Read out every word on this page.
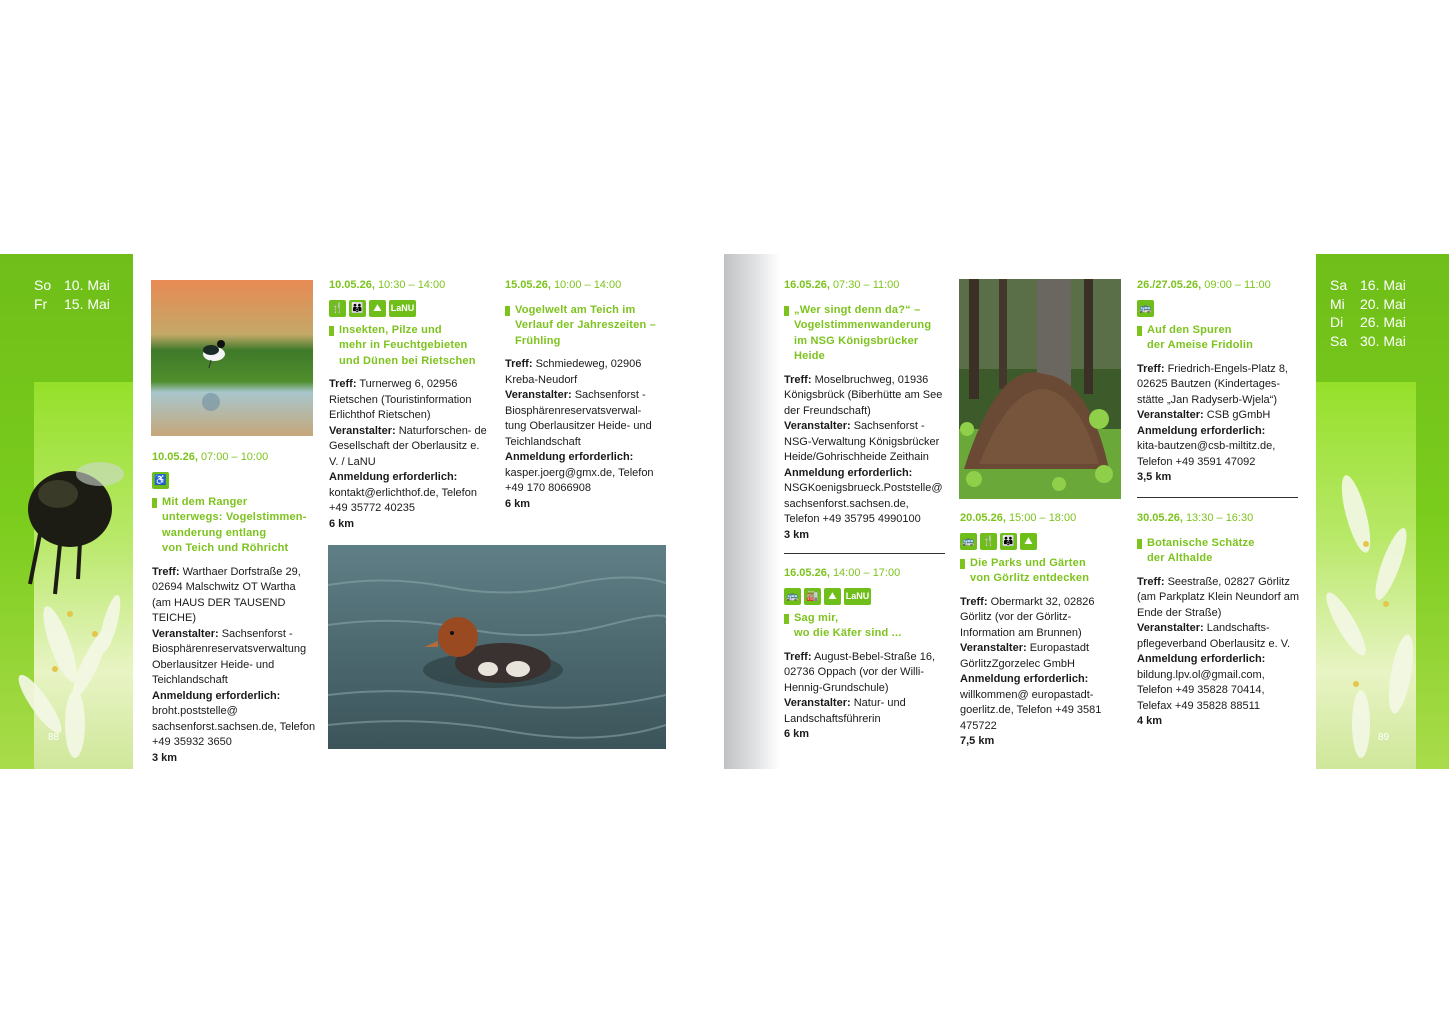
So 10. Mai
Fr	15. Mai
88
10.05.26, 07:00 – 10:00
♿
Mit dem Ranger
unterwegs: Vogelstimmen-
wanderung entlang
von Teich und Röhricht
Treff: Warthaer Dorfstraße 29, 02694 Malschwitz OT Wartha (am HAUS DER TAUSEND TEICHE)
Veranstalter: Sachsenforst - Biosphärenreservatsverwaltung Oberlausitzer Heide- und Teichlandschaft
Anmeldung erforderlich:
broht.poststelle@ sachsenforst.sachsen.de, Telefon +49 35932 3650
3 km
10.05.26, 10:30 – 14:00
🍴 👪 ⛰	LaNU
Insekten, Pilze und
mehr in Feuchtgebieten
und Dünen bei Rietschen
Treff: Turnerweg 6, 02956 Rietschen (Touristinformation Erlichthof Rietschen)
Veranstalter: Naturforschen- de Gesellschaft der Oberlausitz e. V. / LaNU
Anmeldung erforderlich:
kontakt@erlichthof.de, Telefon +49 35772 40235
6 km
15.05.26, 10:00 – 14:00
Vogelwelt am Teich im
Verlauf der Jahreszeiten –
Frühling
Treff: Schmiedeweg, 02906 Kreba-Neudorf
Veranstalter: Sachsenforst - Biosphärenreservatsverwal- tung Oberlausitzer Heide- und Teichlandschaft
Anmeldung erforderlich:
kasper.joerg@gmx.de, Telefon +49 170 8066908
6 km
Sa 16. Mai
Mi	20. Mai
Di	26. Mai
Sa 30. Mai
89
16.05.26, 07:30 – 11:00
„Wer singt denn da?“ –
Vogelstimmenwanderung
im NSG Königsbrücker
Heide
Treff: Moselbruchweg, 01936 Königsbrück (Biberhütte am See der Freundschaft)
Veranstalter: Sachsenforst - NSG-Verwaltung Königsbrücker Heide/Gohrischheide Zeithain
Anmeldung erforderlich:
NSGKoenigsbrueck.Poststelle@ sachsenforst.sachsen.de, Telefon +49 35795 4990100
3 km
16.05.26, 14:00 – 17:00
🚌 🏭 ⛰	LaNU
Sag mir,
wo die Käfer sind ...
Treff: August-Bebel-Straße 16, 02736 Oppach (vor der Willi- Hennig-Grundschule)
Veranstalter: Natur- und Landschaftsführerin
6 km
20.05.26, 15:00 – 18:00
🚌 🍴 👪 ⛰
Die Parks und Gärten
von Görlitz entdecken
Treff: Obermarkt 32, 02826 Görlitz (vor der Görlitz- Information am Brunnen)
Veranstalter: Europastadt GörlitzZgorzelec GmbH
Anmeldung erforderlich:
willkommen@ europastadt-goerlitz.de, Telefon +49 3581 475722
7,5 km
26./27.05.26, 09:00 – 11:00
🚌
Auf den Spuren
der Ameise Fridolin
Treff: Friedrich-Engels-Platz 8, 02625 Bautzen (Kindertages- stätte „Jan Radyserb-Wjela“)
Veranstalter: CSB gGmbH
Anmeldung erforderlich:
kita-bautzen@csb-miltitz.de, Telefon +49 3591 47092
3,5 km
30.05.26, 13:30 – 16:30
Botanische Schätze
der Althalde
Treff: Seestraße, 02827 Görlitz (am Parkplatz Klein Neundorf am Ende der Straße)
Veranstalter: Landschafts- pflegeverband Oberlausitz e. V.
Anmeldung erforderlich:
bildung.lpv.ol@gmail.com, Telefon +49 35828 70414, Telefax +49 35828 88511
4 km
